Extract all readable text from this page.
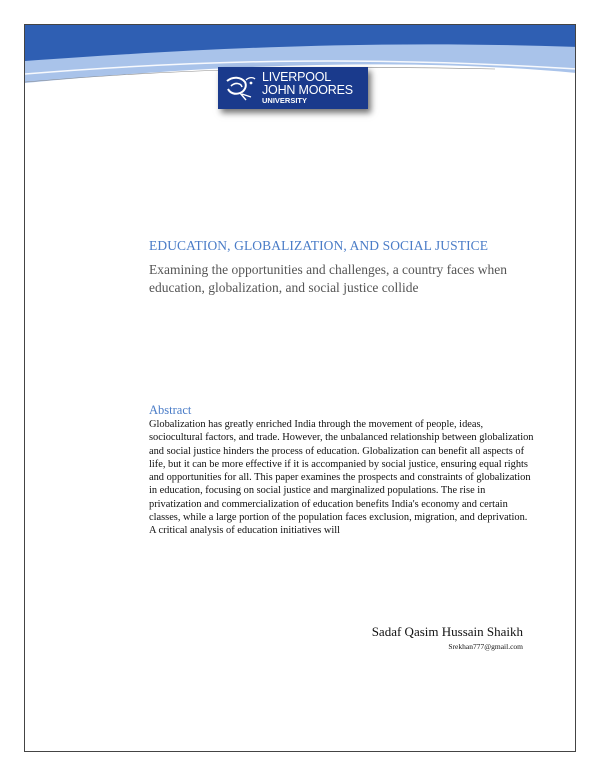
LIVERPOOL
JOHN MOORES
UNIVERSITY
EDUCATION, GLOBALIZATION, AND SOCIAL JUSTICE

Examining the opportunities and challenges, a country faces when education, globalization, and social justice collide

Abstract

Globalization has greatly enriched India through the movement of people, ideas, sociocultural factors, and trade. However, the unbalanced relationship between globalization and social justice hinders the process of education. Globalization can benefit all aspects of life, but it can be more effective if it is accompanied by social justice, ensuring equal rights and opportunities for all. This paper examines the prospects and constraints of globalization in education, focusing on social justice and marginalized populations. The rise in privatization and commercialization of education benefits India's economy and certain classes, while a large portion of the population faces exclusion, migration, and deprivation. A critical analysis of education initiatives will

Sadaf Qasim Hussain Shaikh
Srekhan777@gmail.com
